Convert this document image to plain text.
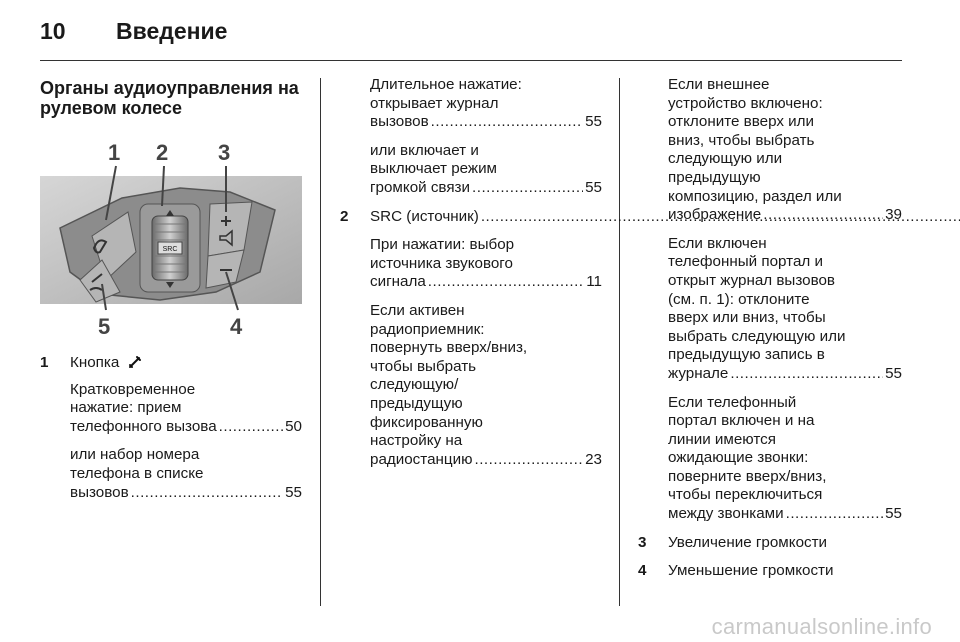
10	Введение
Органы аудиоуправления на
рулевом колесе
SRC
1 2 3
4
5
1	Кнопка
Кратковременное
нажатие: прием
телефонного вызова .....	50
или набор номера
телефона в списке
вызовов .....	55
Длительное нажатие:
открывает журнал
вызовов .....	55
или включает и
выключает режим
громкой связи .....	55
2	SRC (источник)
.....
При нажатии: выбор
источника звукового
сигнала .....	11
Если активен
радиоприемник:
повернуть вверх/вниз,
чтобы выбрать
следующую/
предыдущую
фиксированную
настройку на
радиостанцию .....	23
Если внешнее
устройство включено:
отклоните вверх или
вниз, чтобы выбрать
следующую или
предыдущую
композицию, раздел или
изображение .....	39
Если включен
телефонный портал и
открыт журнал вызовов
(см. п. 1): отклоните
вверх или вниз, чтобы
выбрать следующую или
предыдущую запись в
журнале .....	55
Если телефонный
портал включен и на
линии имеются
ожидающие звонки:
поверните вверх/вниз,
чтобы переключиться
между звонками .....	55
3	Увеличение громкости
4	Уменьшение громкости
carmanualsonline.info
